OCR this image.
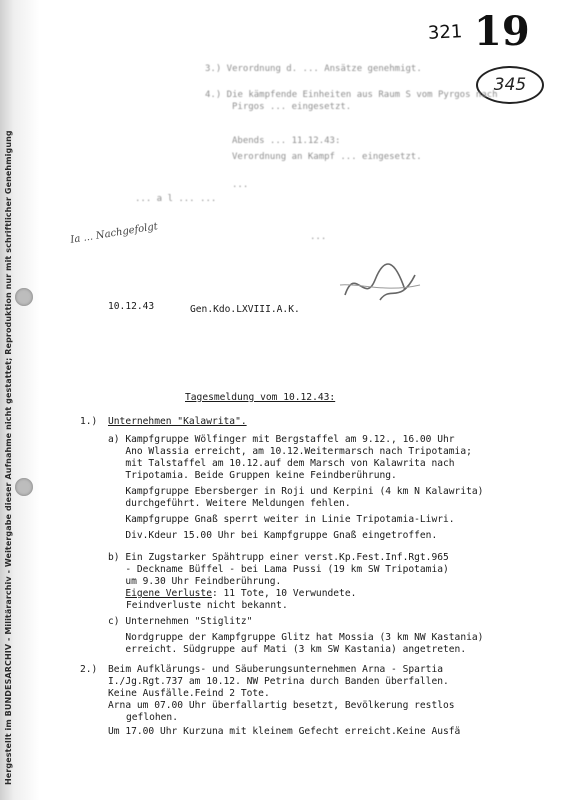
Hergestellt im BUNDESARCHIV - Militärarchiv - Weitergabe dieser Aufnahme nicht gestattet; Reproduktion nur mit schriftlicher Genehmigung
321 19
345
3.) Verordnung d. ... Ansätze genehmigt.
4.) Die kämpfende Einheiten aus Raum S vom Pyrgos nach
Pirgos ... eingesetzt.
Abends ... 11.12.43:
Verordnung an Kampf ... eingesetzt.
...
... a l ... ...
...
Ia ... Nachgefolgt
10.12.43	Gen.Kdo.LXVIII.A.K.
Tagesmeldung vom 10.12.43:
1.) Unternehmen "Kalawrita".
a) Kampfgruppe Wölfinger mit Bergstaffel am 9.12., 16.00 Uhr
Ano Wlassia erreicht, am 10.12.Weitermarsch nach Tripotamia;
mit Talstaffel am 10.12.auf dem Marsch von Kalawrita nach
Tripotamia. Beide Gruppen keine Feindberührung.
Kampfgruppe Ebersberger in Roji und Kerpini (4 km N Kalawrita)
durchgeführt. Weitere Meldungen fehlen.
Kampfgruppe Gnaß sperrt weiter in Linie Tripotamia-Liwri.
Div.Kdeur 15.00 Uhr bei Kampfgruppe Gnaß eingetroffen.
b) Ein Zugstarker Spähtrupp einer verst.Kp.Fest.Inf.Rgt.965
- Deckname Büffel - bei Lama Pussi (19 km SW Tripotamia)
um 9.30 Uhr Feindberührung.
Eigene Verluste: 11 Tote, 10 Verwundete.
Feindverluste nicht bekannt.
c) Unternehmen "Stiglitz"
Nordgruppe der Kampfgruppe Glitz hat Mossia (3 km NW Kastania)
erreicht. Südgruppe auf Mati (3 km SW Kastania) angetreten.
2.) Beim Aufklärungs- und Säuberungsunternehmen Arna - Spartia
I./Jg.Rgt.737 am 10.12. NW Petrina durch Banden überfallen.
Keine Ausfälle.Feind 2 Tote.
Arna um 07.00 Uhr überfallartig besetzt, Bevölkerung restlos
geflohen.
Um 17.00 Uhr Kurzuna mit kleinem Gefecht erreicht.Keine Ausfä
